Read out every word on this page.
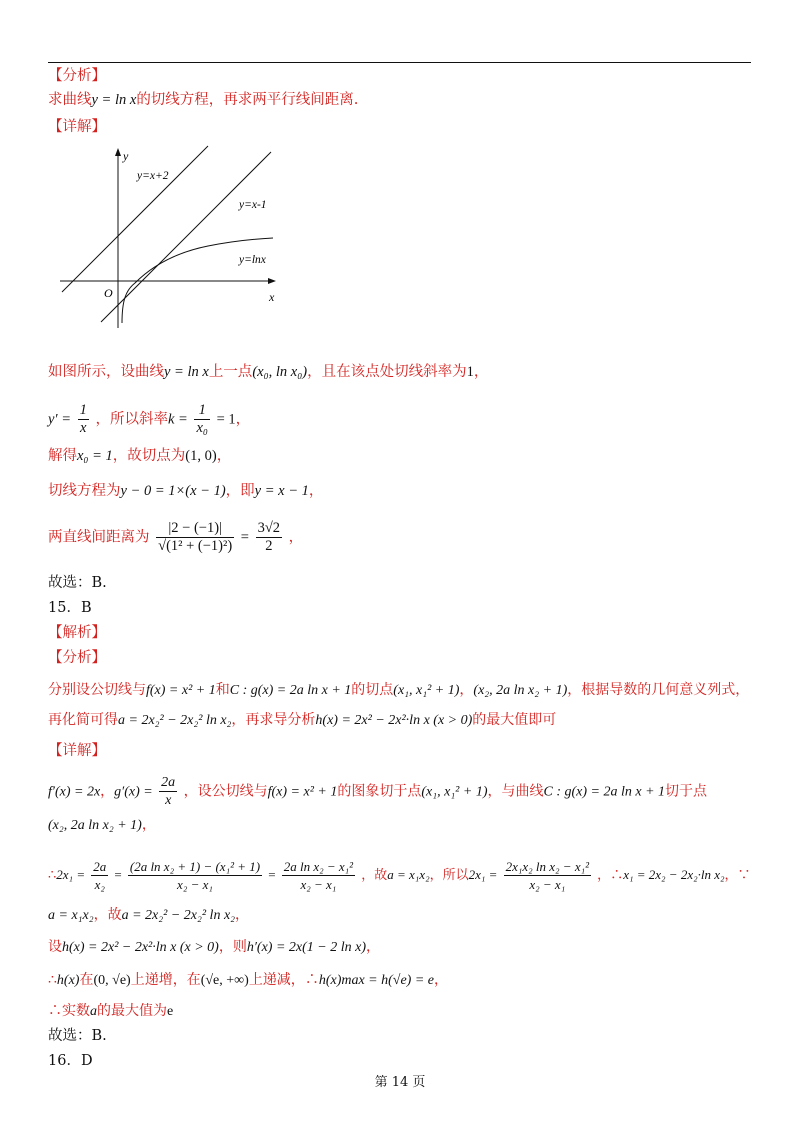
【分析】
求曲线y = ln x的切线方程，再求两平行线间距离.
【详解】
y
x
O
y=x+2
y=x-1
y=lnx
如图所示，设曲线y = ln x上一点(x₀, ln x₀)，且在该点处切线斜率为1，
$y' = \frac{1}{x}$ ，所以斜率$k = \frac{1}{\text{x₀}} = 1$，
解得x₀ = 1，故切点为(1, 0)，
切线方程为y − 0 = 1×(x − 1)，即y = x − 1，
两直线间距离为 $\frac{|2 - (-1)|}{\text{√(1² + (−1)²)}} = \frac{3√2}{2}$ ，
故选：B.
15．B
【解析】
【分析】
分别设公切线与f(x) = x² + 1和C : g(x) = 2a ln x + 1的切点(x₁, x₁² + 1)，(x₂, 2a ln x₂ + 1)，根据导数的几何意义列式，
再化简可得a = 2x₂² − 2x₂² ln x₂，再求导分析h(x) = 2x² − 2x²·ln x (x > 0)的最大值即可
【详解】
f′(x) = 2x，$g'(x) = \frac{2a}{x}$ ，设公切线与f(x) = x² + 1的图象切于点(x₁, x₁² + 1)，与曲线C : g(x) = 2a ln x + 1切于点
(x₂, 2a ln x₂ + 1)，
∴2x₁ = $\frac{2a}{\text{x₂}} = \frac{\text{(2a ln x₂ + 1) − (x₁² + 1)}}{\text{x₂ − x₁}} = \frac{\text{2a ln x₂ − x₁²}}{\text{x₂ − x₁}}$ ，故a = x₁x₂，所以$2x_1 = \frac{\text{2x₁x₂ ln x₂ − x₁²}}{\text{x₂ − x₁}}$ ，∴x₁ = 2x₂ − 2x₂·ln x₂，∵
a = x₁x₂，故a = 2x₂² − 2x₂² ln x₂，
设h(x) = 2x² − 2x²·ln x (x > 0)，则h′(x) = 2x(1 − 2 ln x)，
∴h(x)在(0, √e)上递增，在(√e, +∞)上递减，∴h(x)max = h(√e) = e，
∴实数a的最大值为e
故选：B.
16．D
第 14 页
